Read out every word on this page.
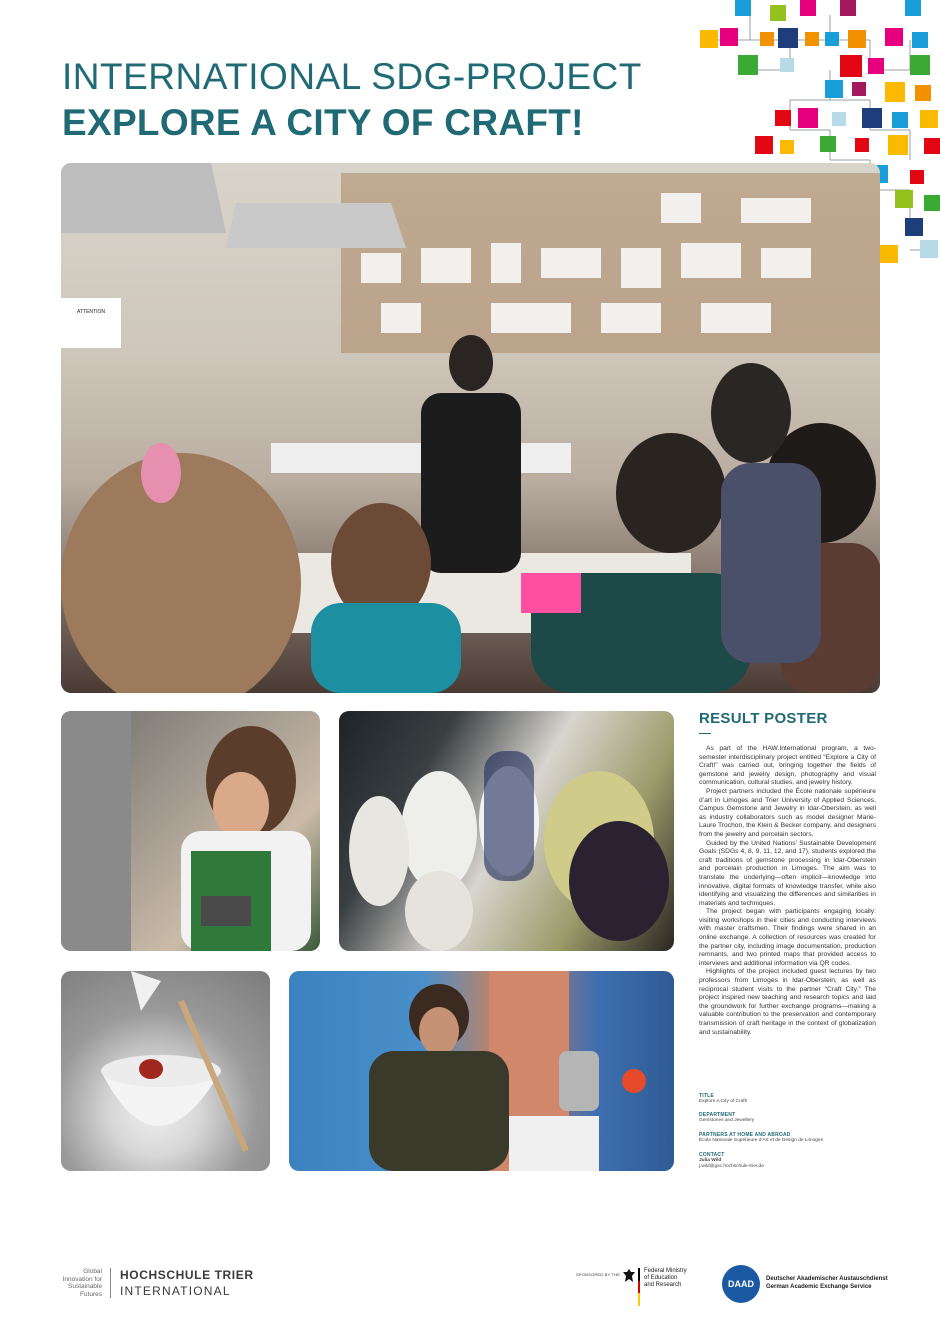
INTERNATIONAL SDG-PROJECT
EXPLORE A CITY OF CRAFT!
ATTENTION
RESULT POSTER

As part of the HAW.International program, a two-semester interdisciplinary project entitled “Explore a City of Craft!” was carried out, bringing together the fields of gemstone and jewelry design, photography and visual communication, cultural studies, and jewelry history.

Project partners included the École nationale supérieure d’art in Limoges and Trier University of Applied Sciences, Campus Gemstone and Jewelry in Idar-Oberstein, as well as industry collaborators such as model designer Marie-Laure Trochon, the Klein & Becker company, and designers from the jewelry and porcelain sectors.

Guided by the United Nations’ Sustainable Development Goals (SDGs 4, 8, 9, 11, 12, and 17), students explored the craft traditions of gemstone processing in Idar-Oberstein and porcelain production in Limoges. The aim was to translate the underlying—often implicit—knowledge into innovative, digital formats of knowledge transfer, while also identifying and visualizing the differences and similarities in materials and techniques.

The project began with participants engaging locally: visiting workshops in their cities and conducting interviews with master craftsmen. Their findings were shared in an online exchange. A collection of resources was created for the partner city, including image documentation, production remnants, and two printed maps that provided access to interviews and additional information via QR codes.

Highlights of the project included guest lectures by two professors from Limoges in Idar-Oberstein, as well as reciprocal student visits to the partner “Craft City.” The project inspired new teaching and research topics and laid the groundwork for further exchange programs—making a valuable contribution to the preservation and contemporary transmission of craft heritage in the context of globalization and sustainability.

TITLE
Explore A City of Craft!
DEPARTMENT
Gemstones and Jewellery
PARTNERS AT HOME AND ABROAD
École Nationale Supérieure d’Art et de Design de Limoges
CONTACT
Julia Wild
j.wild@gsc.hochschule-trier.de
Global
Innovation for
Sustainable
Futures
HOCHSCHULE TRIER
INTERNATIONAL
SPONSORED BY THE
Federal Ministry
of Education
and Research	DAAD	Deutscher Akademischer Austauschdienst
German Academic Exchange Service
